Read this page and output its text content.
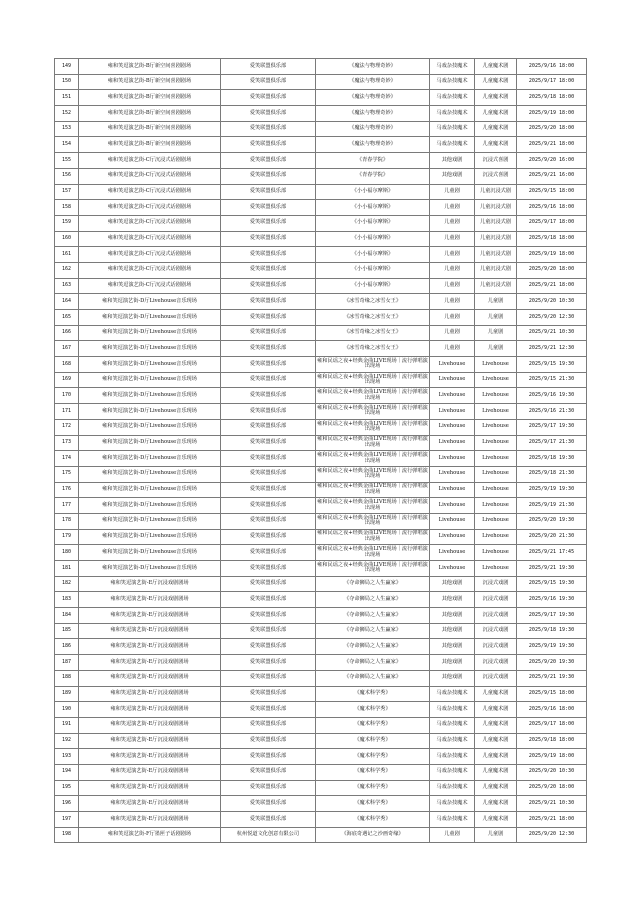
149	雍和笑逗演艺街-B厅新空间喜剧剧场	爱笑联盟俱乐部	《魔法与物理奇妙》	马戏杂技魔术	儿童魔术剧	2025/9/16 18:00
150	雍和笑逗演艺街-B厅新空间喜剧剧场	爱笑联盟俱乐部	《魔法与物理奇妙》	马戏杂技魔术	儿童魔术剧	2025/9/17 18:00
151	雍和笑逗演艺街-B厅新空间喜剧剧场	爱笑联盟俱乐部	《魔法与物理奇妙》	马戏杂技魔术	儿童魔术剧	2025/9/18 18:00
152	雍和笑逗演艺街-B厅新空间喜剧剧场	爱笑联盟俱乐部	《魔法与物理奇妙》	马戏杂技魔术	儿童魔术剧	2025/9/19 18:00
153	雍和笑逗演艺街-B厅新空间喜剧剧场	爱笑联盟俱乐部	《魔法与物理奇妙》	马戏杂技魔术	儿童魔术剧	2025/9/20 18:00
154	雍和笑逗演艺街-B厅新空间喜剧剧场	爱笑联盟俱乐部	《魔法与物理奇妙》	马戏杂技魔术	儿童魔术剧	2025/9/21 18:00
155	雍和笑逗演艺街-C厅沉浸式话剧剧场	爱笑联盟俱乐部	《青春学院》	其他戏剧	沉浸式喜剧	2025/9/20 16:00
156	雍和笑逗演艺街-C厅沉浸式话剧剧场	爱笑联盟俱乐部	《青春学院》	其他戏剧	沉浸式喜剧	2025/9/21 16:00
157	雍和笑逗演艺街-C厅沉浸式话剧剧场	爱笑联盟俱乐部	《小小福尔摩斯》	儿童剧	儿童沉浸式剧	2025/9/15 18:00
158	雍和笑逗演艺街-C厅沉浸式话剧剧场	爱笑联盟俱乐部	《小小福尔摩斯》	儿童剧	儿童沉浸式剧	2025/9/16 18:00
159	雍和笑逗演艺街-C厅沉浸式话剧剧场	爱笑联盟俱乐部	《小小福尔摩斯》	儿童剧	儿童沉浸式剧	2025/9/17 18:00
160	雍和笑逗演艺街-C厅沉浸式话剧剧场	爱笑联盟俱乐部	《小小福尔摩斯》	儿童剧	儿童沉浸式剧	2025/9/18 18:00
161	雍和笑逗演艺街-C厅沉浸式话剧剧场	爱笑联盟俱乐部	《小小福尔摩斯》	儿童剧	儿童沉浸式剧	2025/9/19 18:00
162	雍和笑逗演艺街-C厅沉浸式话剧剧场	爱笑联盟俱乐部	《小小福尔摩斯》	儿童剧	儿童沉浸式剧	2025/9/20 18:00
163	雍和笑逗演艺街-C厅沉浸式话剧剧场	爱笑联盟俱乐部	《小小福尔摩斯》	儿童剧	儿童沉浸式剧	2025/9/21 18:00
164	雍和笑逗演艺街-D厅Livehouse音乐现场	爱笑联盟俱乐部	《冰雪奇缘之冰雪女王》	儿童剧	儿童剧	2025/9/20 10:30
165	雍和笑逗演艺街-D厅Livehouse音乐现场	爱笑联盟俱乐部	《冰雪奇缘之冰雪女王》	儿童剧	儿童剧	2025/9/20 12:30
166	雍和笑逗演艺街-D厅Livehouse音乐现场	爱笑联盟俱乐部	《冰雪奇缘之冰雪女王》	儿童剧	儿童剧	2025/9/21 10:30
167	雍和笑逗演艺街-D厅Livehouse音乐现场	爱笑联盟俱乐部	《冰雪奇缘之冰雪女王》	儿童剧	儿童剧	2025/9/21 12:30
168	雍和笑逗演艺街-D厅Livehouse音乐现场	爱笑联盟俱乐部	雍和民谣之夜+经典金曲LIVE现场｜流行弹唱演出现场	Livehouse	Livehouse	2025/9/15 19:30
169	雍和笑逗演艺街-D厅Livehouse音乐现场	爱笑联盟俱乐部	雍和民谣之夜+经典金曲LIVE现场｜流行弹唱演出现场	Livehouse	Livehouse	2025/9/15 21:30
170	雍和笑逗演艺街-D厅Livehouse音乐现场	爱笑联盟俱乐部	雍和民谣之夜+经典金曲LIVE现场｜流行弹唱演出现场	Livehouse	Livehouse	2025/9/16 19:30
171	雍和笑逗演艺街-D厅Livehouse音乐现场	爱笑联盟俱乐部	雍和民谣之夜+经典金曲LIVE现场｜流行弹唱演出现场	Livehouse	Livehouse	2025/9/16 21:30
172	雍和笑逗演艺街-D厅Livehouse音乐现场	爱笑联盟俱乐部	雍和民谣之夜+经典金曲LIVE现场｜流行弹唱演出现场	Livehouse	Livehouse	2025/9/17 19:30
173	雍和笑逗演艺街-D厅Livehouse音乐现场	爱笑联盟俱乐部	雍和民谣之夜+经典金曲LIVE现场｜流行弹唱演出现场	Livehouse	Livehouse	2025/9/17 21:30
174	雍和笑逗演艺街-D厅Livehouse音乐现场	爱笑联盟俱乐部	雍和民谣之夜+经典金曲LIVE现场｜流行弹唱演出现场	Livehouse	Livehouse	2025/9/18 19:30
175	雍和笑逗演艺街-D厅Livehouse音乐现场	爱笑联盟俱乐部	雍和民谣之夜+经典金曲LIVE现场｜流行弹唱演出现场	Livehouse	Livehouse	2025/9/18 21:30
176	雍和笑逗演艺街-D厅Livehouse音乐现场	爱笑联盟俱乐部	雍和民谣之夜+经典金曲LIVE现场｜流行弹唱演出现场	Livehouse	Livehouse	2025/9/19 19:30
177	雍和笑逗演艺街-D厅Livehouse音乐现场	爱笑联盟俱乐部	雍和民谣之夜+经典金曲LIVE现场｜流行弹唱演出现场	Livehouse	Livehouse	2025/9/19 21:30
178	雍和笑逗演艺街-D厅Livehouse音乐现场	爱笑联盟俱乐部	雍和民谣之夜+经典金曲LIVE现场｜流行弹唱演出现场	Livehouse	Livehouse	2025/9/20 19:30
179	雍和笑逗演艺街-D厅Livehouse音乐现场	爱笑联盟俱乐部	雍和民谣之夜+经典金曲LIVE现场｜流行弹唱演出现场	Livehouse	Livehouse	2025/9/20 21:30
180	雍和笑逗演艺街-D厅Livehouse音乐现场	爱笑联盟俱乐部	雍和民谣之夜+经典金曲LIVE现场｜流行弹唱演出现场	Livehouse	Livehouse	2025/9/21 17:45
181	雍和笑逗演艺街-D厅Livehouse音乐现场	爱笑联盟俱乐部	雍和民谣之夜+经典金曲LIVE现场｜流行弹唱演出现场	Livehouse	Livehouse	2025/9/21 19:30
182	雍和笑逗演艺街-E厅沉浸戏剧剧场	爱笑联盟俱乐部	《夺命狮局之人生赢家》	其他戏剧	沉浸式戏剧	2025/9/15 19:30
183	雍和笑逗演艺街-E厅沉浸戏剧剧场	爱笑联盟俱乐部	《夺命狮局之人生赢家》	其他戏剧	沉浸式戏剧	2025/9/16 19:30
184	雍和笑逗演艺街-E厅沉浸戏剧剧场	爱笑联盟俱乐部	《夺命狮局之人生赢家》	其他戏剧	沉浸式戏剧	2025/9/17 19:30
185	雍和笑逗演艺街-E厅沉浸戏剧剧场	爱笑联盟俱乐部	《夺命狮局之人生赢家》	其他戏剧	沉浸式戏剧	2025/9/18 19:30
186	雍和笑逗演艺街-E厅沉浸戏剧剧场	爱笑联盟俱乐部	《夺命狮局之人生赢家》	其他戏剧	沉浸式戏剧	2025/9/19 19:30
187	雍和笑逗演艺街-E厅沉浸戏剧剧场	爱笑联盟俱乐部	《夺命狮局之人生赢家》	其他戏剧	沉浸式戏剧	2025/9/20 19:30
188	雍和笑逗演艺街-E厅沉浸戏剧剧场	爱笑联盟俱乐部	《夺命狮局之人生赢家》	其他戏剧	沉浸式戏剧	2025/9/21 19:30
189	雍和笑逗演艺街-E厅沉浸戏剧剧场	爱笑联盟俱乐部	《魔术科学秀》	马戏杂技魔术	儿童魔术剧	2025/9/15 18:00
190	雍和笑逗演艺街-E厅沉浸戏剧剧场	爱笑联盟俱乐部	《魔术科学秀》	马戏杂技魔术	儿童魔术剧	2025/9/16 18:00
191	雍和笑逗演艺街-E厅沉浸戏剧剧场	爱笑联盟俱乐部	《魔术科学秀》	马戏杂技魔术	儿童魔术剧	2025/9/17 18:00
192	雍和笑逗演艺街-E厅沉浸戏剧剧场	爱笑联盟俱乐部	《魔术科学秀》	马戏杂技魔术	儿童魔术剧	2025/9/18 18:00
193	雍和笑逗演艺街-E厅沉浸戏剧剧场	爱笑联盟俱乐部	《魔术科学秀》	马戏杂技魔术	儿童魔术剧	2025/9/19 18:00
194	雍和笑逗演艺街-E厅沉浸戏剧剧场	爱笑联盟俱乐部	《魔术科学秀》	马戏杂技魔术	儿童魔术剧	2025/9/20 10:30
195	雍和笑逗演艺街-E厅沉浸戏剧剧场	爱笑联盟俱乐部	《魔术科学秀》	马戏杂技魔术	儿童魔术剧	2025/9/20 18:00
196	雍和笑逗演艺街-E厅沉浸戏剧剧场	爱笑联盟俱乐部	《魔术科学秀》	马戏杂技魔术	儿童魔术剧	2025/9/21 10:30
197	雍和笑逗演艺街-E厅沉浸戏剧剧场	爱笑联盟俱乐部	《魔术科学秀》	马戏杂技魔术	儿童魔术剧	2025/9/21 18:00
198	雍和笑逗演艺街-F厅墨匣子话剧剧场	杭州悦道文化创意有限公司	《海底奇遇记之沙画奇缘》	儿童剧	儿童剧	2025/9/20 12:30
